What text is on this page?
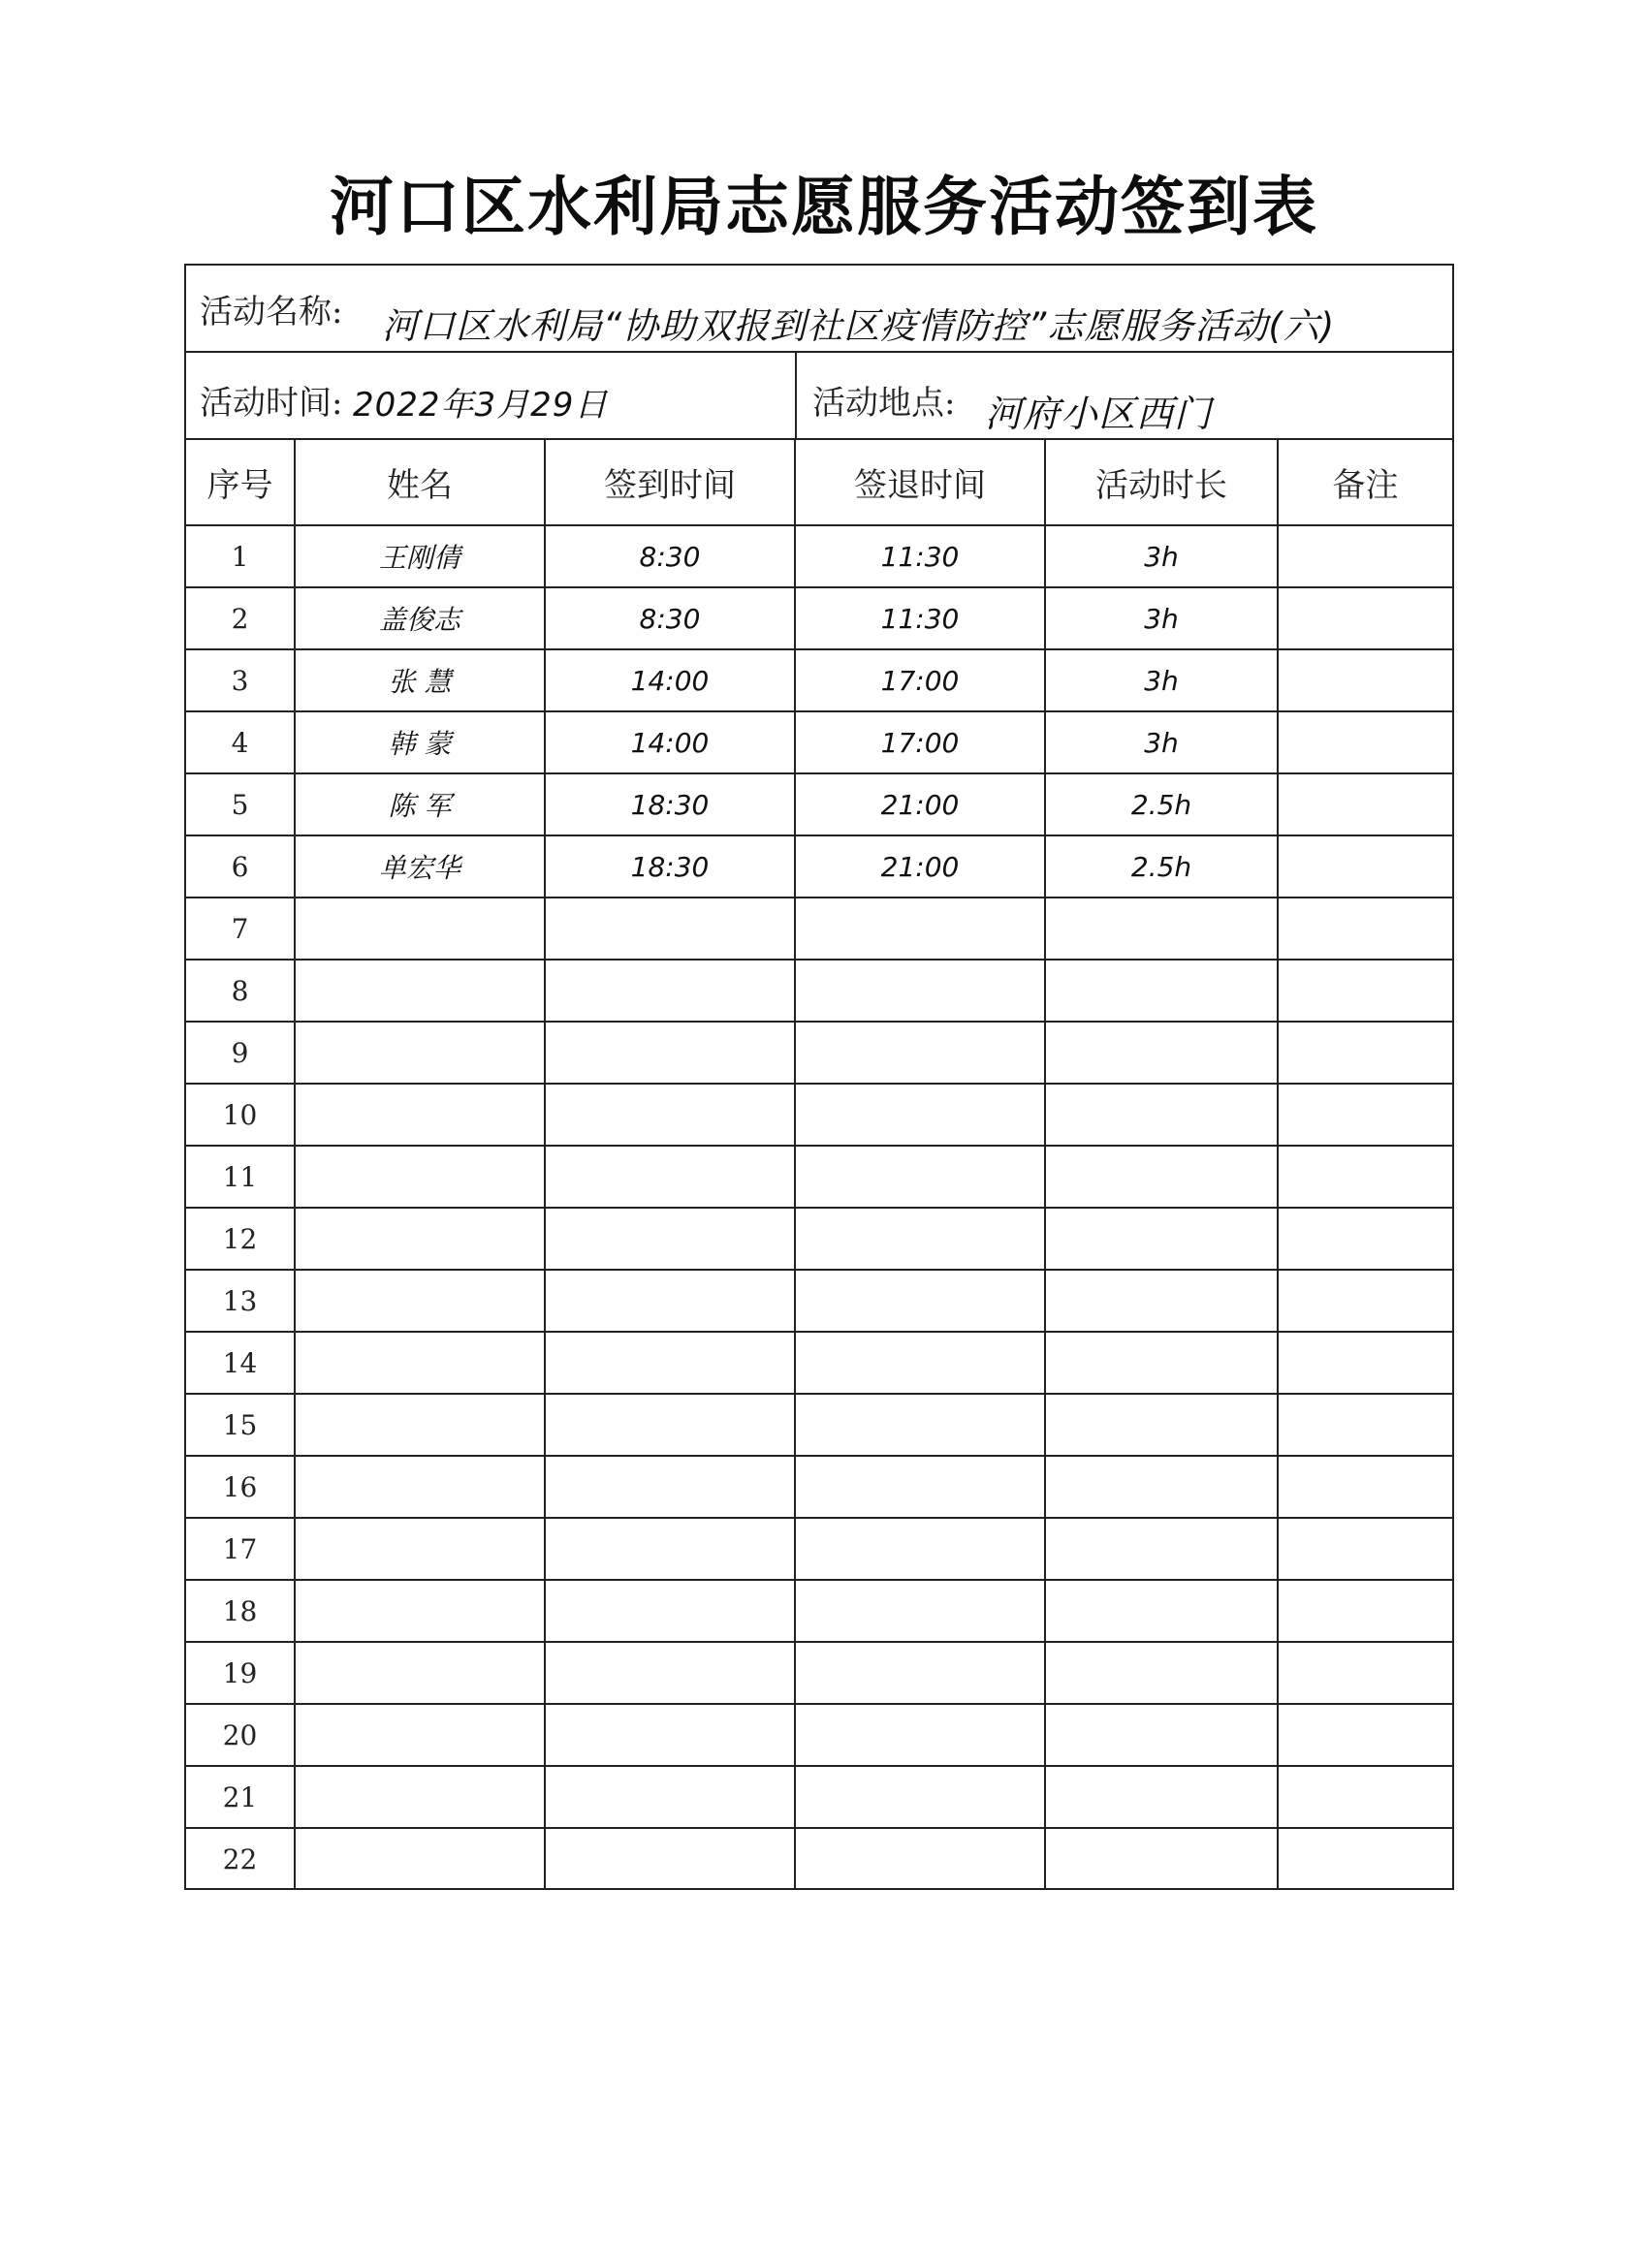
河口区水利局志愿服务活动签到表
活动名称: 河口区水利局“协助双报到社区疫情防控”志愿服务活动(六)
活动时间: 2022年3月29日	活动地点: 河府小区西门
序号	姓名	签到时间	签退时间	活动时长	备注
1	王刚倩	8:30	11:30	3h	
2	盖俊志	8:30	11:30	3h	
3	张 慧	14:00	17:00	3h	
4	韩 蒙	14:00	17:00	3h	
5	陈 军	18:30	21:00	2.5h	
6	单宏华	18:30	21:00	2.5h	
7					
8					
9					
10					
11					
12					
13					
14					
15					
16					
17					
18					
19					
20					
21					
22					
